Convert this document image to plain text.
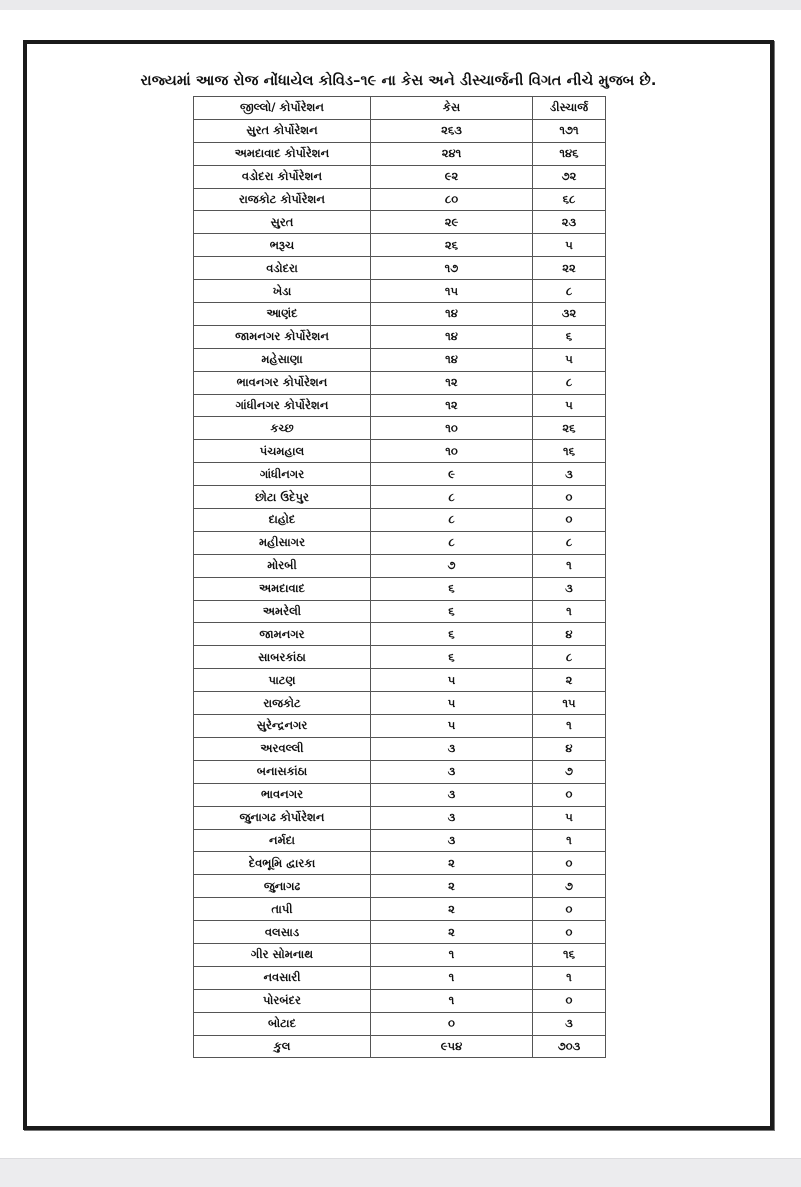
રાજ્યમાં આજ રોજ નોંધાયેલ કોવિડ–૧૯ ના કેસ અને ડીસ્ચાર્જની વિગત નીચે મુજબ છે.
જીલ્લો/ કોર્પોરેશન	કેસ	ડીસ્ચાર્જ
સુરત કોર્પોરેશન	૨૬૩	૧૭૧
અમદાવાદ કોર્પોરેશન	૨૪૧	૧૪૬
વડોદરા કોર્પોરેશન	૯૨	૭૨
રાજકોટ કોર્પોરેશન	૮૦	૬૮
સુરત	૨૯	૨૩
ભરૂચ	૨૬	૫
વડોદરા	૧૭	૨૨
ખેડા	૧૫	૮
આણંદ	૧૪	૩૨
જામનગર કોર્પોરેશન	૧૪	૬
મહેસાણા	૧૪	૫
ભાવનગર કોર્પોરેશન	૧૨	૮
ગાંધીનગર કોર્પોરેશન	૧૨	૫
કચ્છ	૧૦	૨૬
પંચમહાલ	૧૦	૧૬
ગાંધીનગર	૯	૩
છોટા ઉદેપુર	૮	૦
દાહોદ	૮	૦
મહીસાગર	૮	૮
મોરબી	૭	૧
અમદાવાદ	૬	૩
અમરેલી	૬	૧
જામનગર	૬	૪
સાબરકાંઠા	૬	૮
પાટણ	૫	૨
રાજકોટ	૫	૧૫
સુરેન્દ્રનગર	૫	૧
અરવલ્લી	૩	૪
બનાસકાંઠા	૩	૭
ભાવનગર	૩	૦
જુનાગઢ કોર્પોરેશન	૩	૫
નર્મદા	૩	૧
દેવભૂમિ દ્વારકા	૨	૦
જુનાગઢ	૨	૭
તાપી	૨	૦
વલસાડ	૨	૦
ગીર સોમનાથ	૧	૧૬
નવસારી	૧	૧
પોરબંદર	૧	૦
બોટાદ	૦	૩
કુલ	૯૫૪	૭૦૩
